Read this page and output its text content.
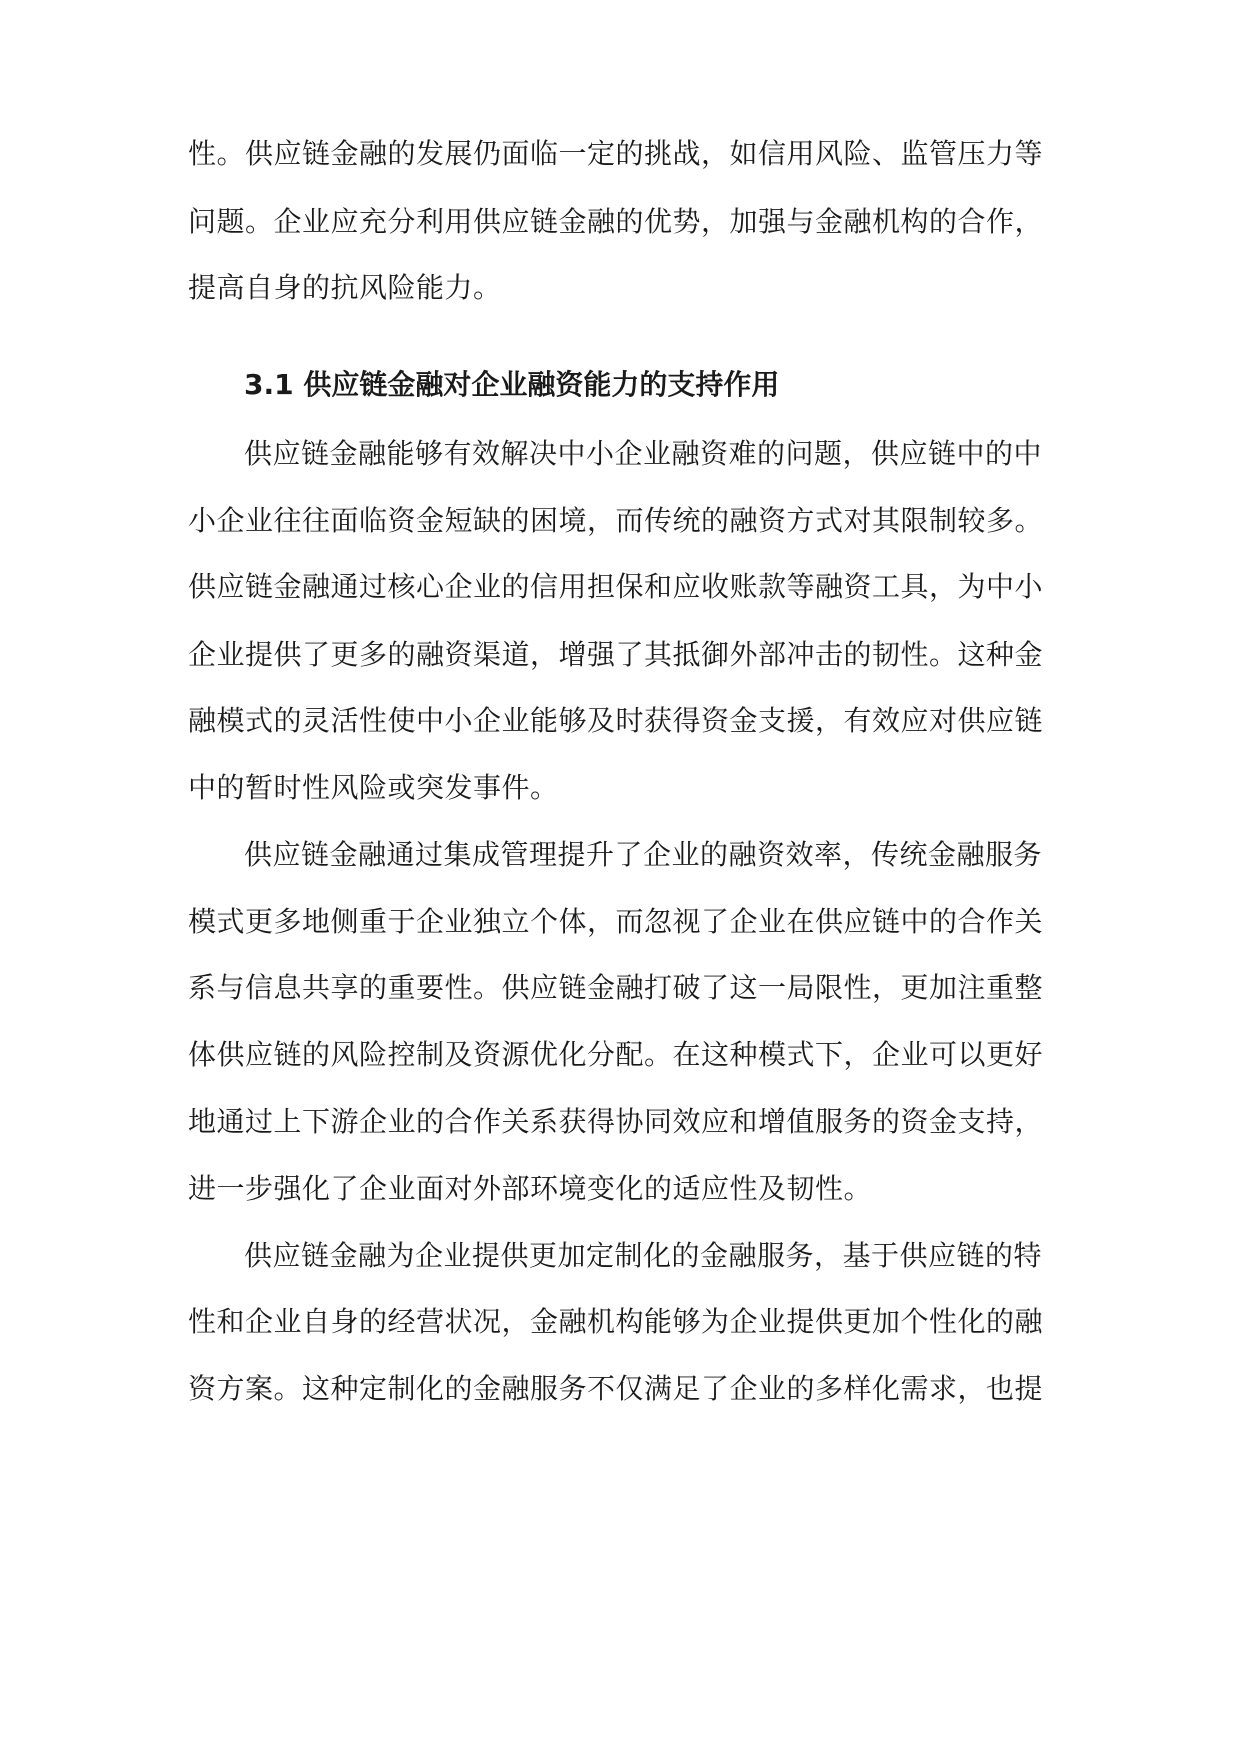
性。供应链金融的发展仍面临一定的挑战，如信用风险、监管压力等
问题。企业应充分利用供应链金融的优势，加强与金融机构的合作，
提高自身的抗风险能力。
3.1 供应链金融对企业融资能力的支持作用
供应链金融能够有效解决中小企业融资难的问题，供应链中的中
小企业往往面临资金短缺的困境，而传统的融资方式对其限制较多。
供应链金融通过核心企业的信用担保和应收账款等融资工具，为中小
企业提供了更多的融资渠道，增强了其抵御外部冲击的韧性。这种金
融模式的灵活性使中小企业能够及时获得资金支援，有效应对供应链
中的暂时性风险或突发事件。
供应链金融通过集成管理提升了企业的融资效率，传统金融服务
模式更多地侧重于企业独立个体，而忽视了企业在供应链中的合作关
系与信息共享的重要性。供应链金融打破了这一局限性，更加注重整
体供应链的风险控制及资源优化分配。在这种模式下，企业可以更好
地通过上下游企业的合作关系获得协同效应和增值服务的资金支持，
进一步强化了企业面对外部环境变化的适应性及韧性。
供应链金融为企业提供更加定制化的金融服务，基于供应链的特
性和企业自身的经营状况，金融机构能够为企业提供更加个性化的融
资方案。这种定制化的金融服务不仅满足了企业的多样化需求，也提
